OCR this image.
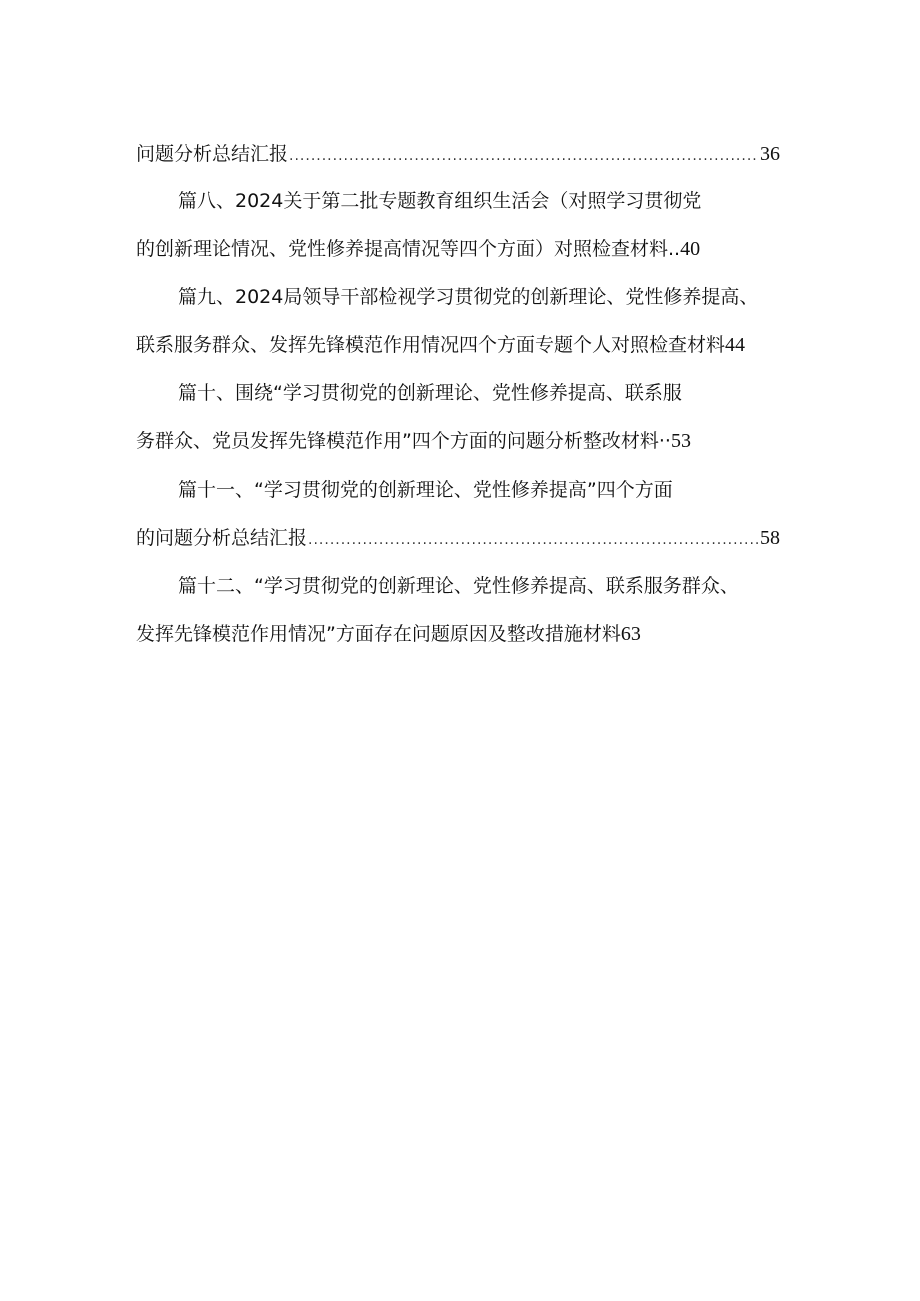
问题分析总结汇报 .....	36
篇八、2024关于第二批专题教育组织生活会（对照学习贯彻党
的创新理论情况、党性修养提高情况等四个方面）对照检查材料..40
篇九、2024局领导干部检视学习贯彻党的创新理论、党性修养提高、
联系服务群众、发挥先锋模范作用情况四个方面专题个人对照检查材料44
篇十、围绕“学习贯彻党的创新理论、党性修养提高、联系服
务群众、党员发挥先锋模范作用”四个方面的问题分析整改材料··53
篇十一、“学习贯彻党的创新理论、党性修养提高”四个方面
的问题分析总结汇报 .....	58
篇十二、“学习贯彻党的创新理论、党性修养提高、联系服务群众、
发挥先锋模范作用情况”方面存在问题原因及整改措施材料63
